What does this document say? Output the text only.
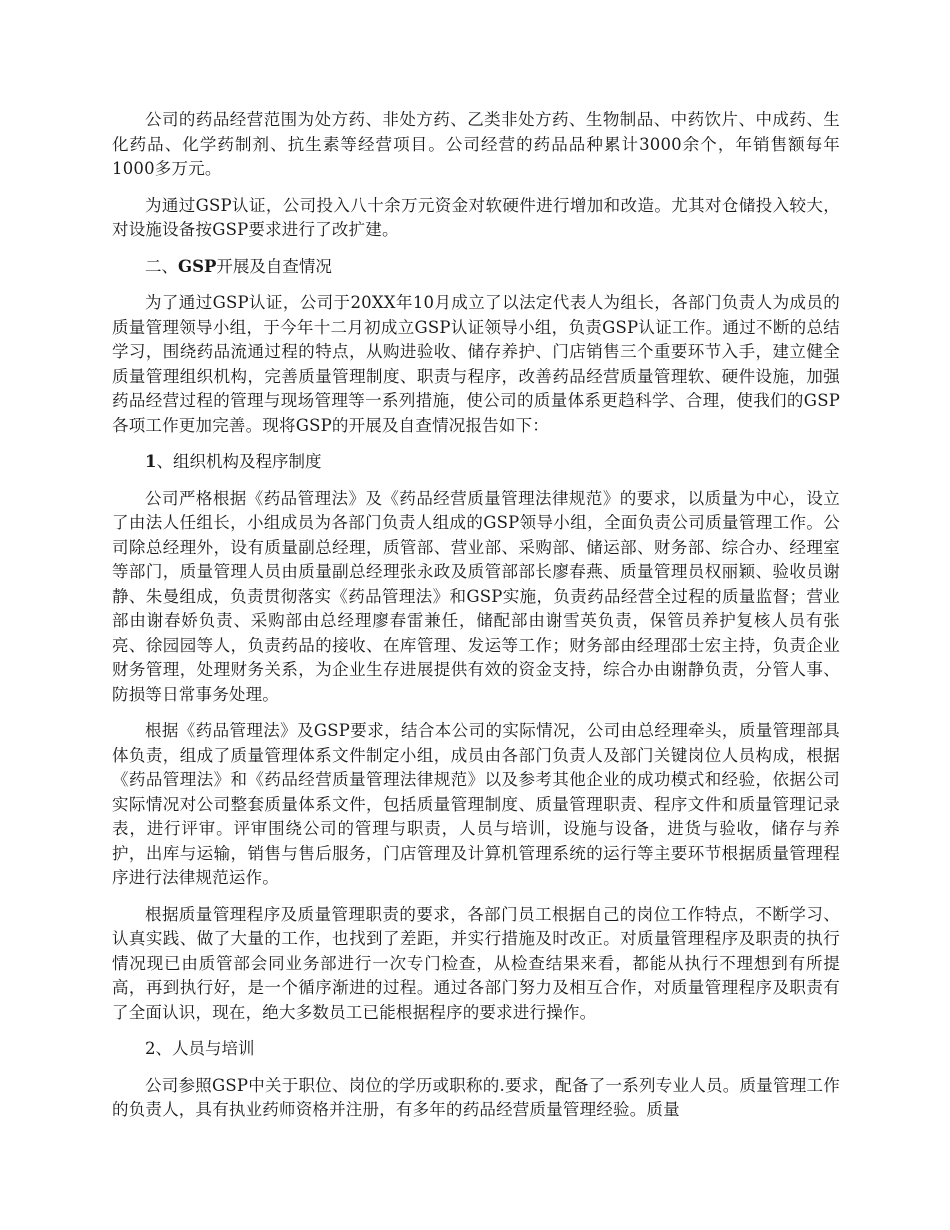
公司的药品经营范围为处方药、非处方药、乙类非处方药、生物制品、中药饮片、中成药、生化药品、化学药制剂、抗生素等经营项目。公司经营的药品品种累计3000余个，年销售额每年1000多万元。

为通过GSP认证，公司投入八十余万元资金对软硬件进行增加和改造。尤其对仓储投入较大，对设施设备按GSP要求进行了改扩建。

二、GSP开展及自查情况

为了通过GSP认证，公司于20XX年10月成立了以法定代表人为组长，各部门负责人为成员的质量管理领导小组，于今年十二月初成立GSP认证领导小组，负责GSP认证工作。通过不断的总结学习，围绕药品流通过程的特点，从购进验收、储存养护、门店销售三个重要环节入手，建立健全质量管理组织机构，完善质量管理制度、职责与程序，改善药品经营质量管理软、硬件设施，加强药品经营过程的管理与现场管理等一系列措施，使公司的质量体系更趋科学、合理，使我们的GSP各项工作更加完善。现将GSP的开展及自查情况报告如下：

1、组织机构及程序制度

公司严格根据《药品管理法》及《药品经营质量管理法律规范》的要求，以质量为中心，设立了由法人任组长，小组成员为各部门负责人组成的GSP领导小组，全面负责公司质量管理工作。公司除总经理外，设有质量副总经理，质管部、营业部、采购部、储运部、财务部、综合办、经理室等部门，质量管理人员由质量副总经理张永政及质管部部长廖春燕、质量管理员权丽颖、验收员谢静、朱曼组成，负责贯彻落实《药品管理法》和GSP实施，负责药品经营全过程的质量监督；营业部由谢春娇负责、采购部由总经理廖春雷兼任，储配部由谢雪英负责，保管员养护复核人员有张亮、徐园园等人，负责药品的接收、在库管理、发运等工作；财务部由经理邵士宏主持，负责企业财务管理，处理财务关系，为企业生存进展提供有效的资金支持，综合办由谢静负责，分管人事、防损等日常事务处理。

根据《药品管理法》及GSP要求，结合本公司的实际情况，公司由总经理牵头，质量管理部具体负责，组成了质量管理体系文件制定小组，成员由各部门负责人及部门关键岗位人员构成，根据《药品管理法》和《药品经营质量管理法律规范》以及参考其他企业的成功模式和经验，依据公司实际情况对公司整套质量体系文件，包括质量管理制度、质量管理职责、程序文件和质量管理记录表，进行评审。评审围绕公司的管理与职责，人员与培训，设施与设备，进货与验收，储存与养护，出库与运输，销售与售后服务，门店管理及计算机管理系统的运行等主要环节根据质量管理程序进行法律规范运作。

根据质量管理程序及质量管理职责的要求，各部门员工根据自己的岗位工作特点，不断学习、认真实践、做了大量的工作，也找到了差距，并实行措施及时改正。对质量管理程序及职责的执行情况现已由质管部会同业务部进行一次专门检查，从检查结果来看，都能从执行不理想到有所提高，再到执行好，是一个循序渐进的过程。通过各部门努力及相互合作，对质量管理程序及职责有了全面认识，现在，绝大多数员工已能根据程序的要求进行操作。

2、人员与培训

公司参照GSP中关于职位、岗位的学历或职称的.要求，配备了一系列专业人员。质量管理工作的负责人，具有执业药师资格并注册，有多年的药品经营质量管理经验。质量
